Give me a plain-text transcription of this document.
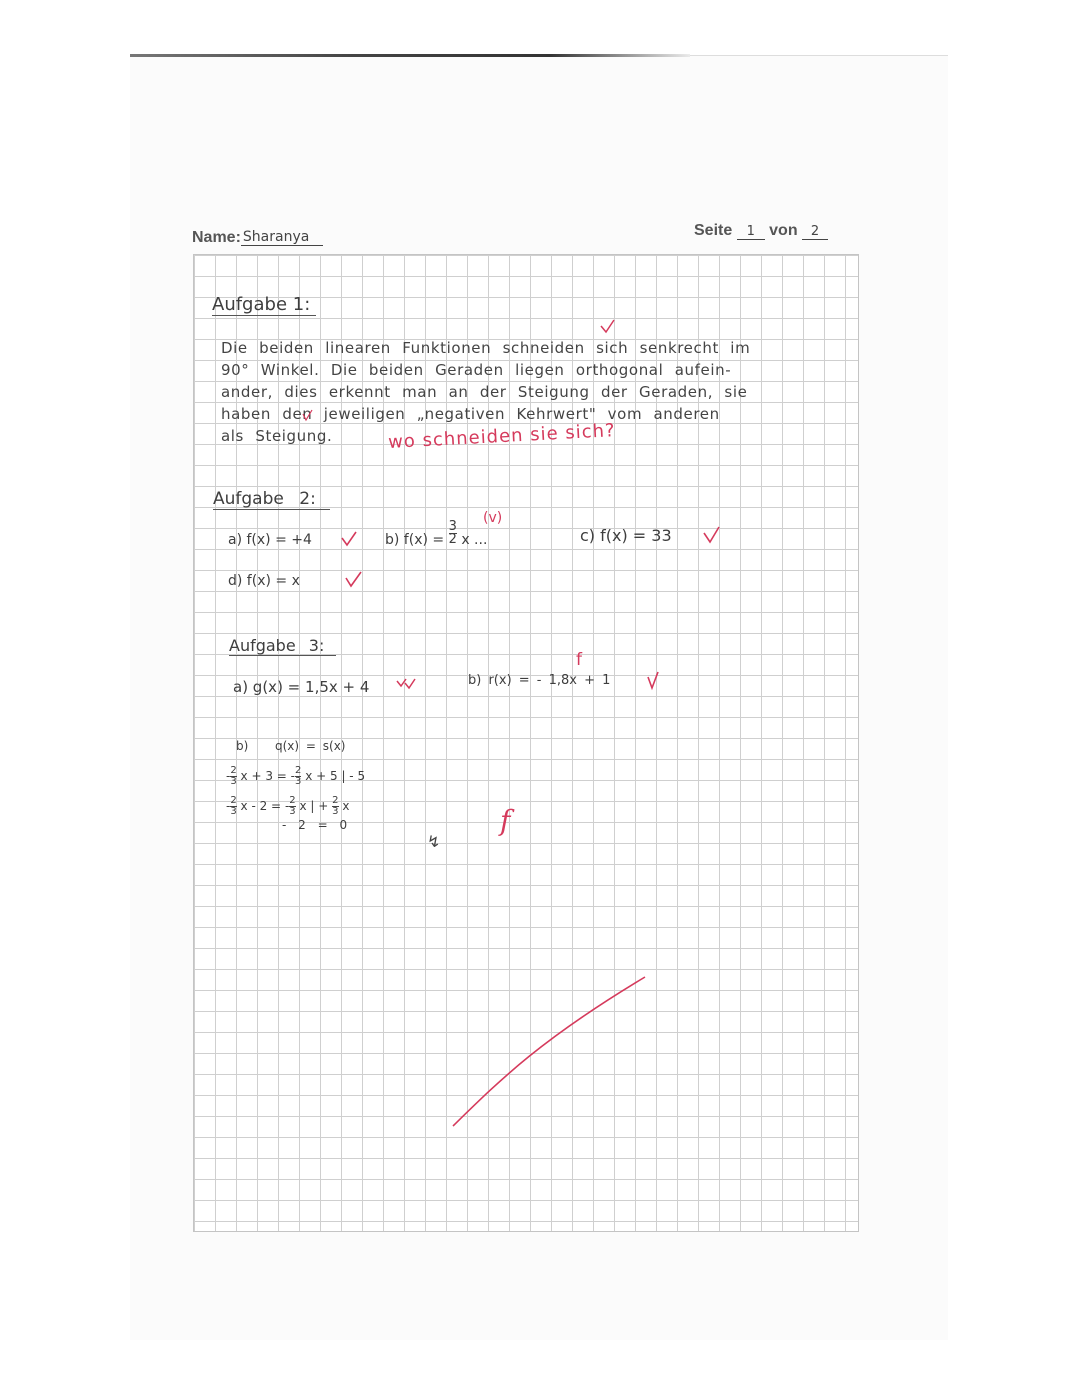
Name: Sharanya	Seite 1 von 2
Aufgabe 1:
Die beiden linearen Funktionen schneiden sich senkrecht im
90° Winkel. Die beiden Geraden liegen orthogonal aufein-
ander, dies erkennt man an der Steigung der Geraden, sie
haben den jeweiligen „negativen Kehrwert" vom anderen
als Steigung.	wo schneiden sie sich?
Aufgabe 2:
a) f(x) = +4	b) $f(x) = \frac{3}{2}$ x ...
(v)
c) f(x) = 33
d) f(x) = x
Aufgabe 3:
a) g(x) = 1,5x + 4	b) r(x) = - 1,8x + 1
f
b) q(x) = s(x)
- $\frac{2}{3}$ x + 3 = - $\frac{2}{3}$ x + 5 | - 5
- $\frac{2}{3}$ x - 2 = - $\frac{2}{3}$ x | + $\frac{2}{3}$ x
- 2 = 0
↯
f
